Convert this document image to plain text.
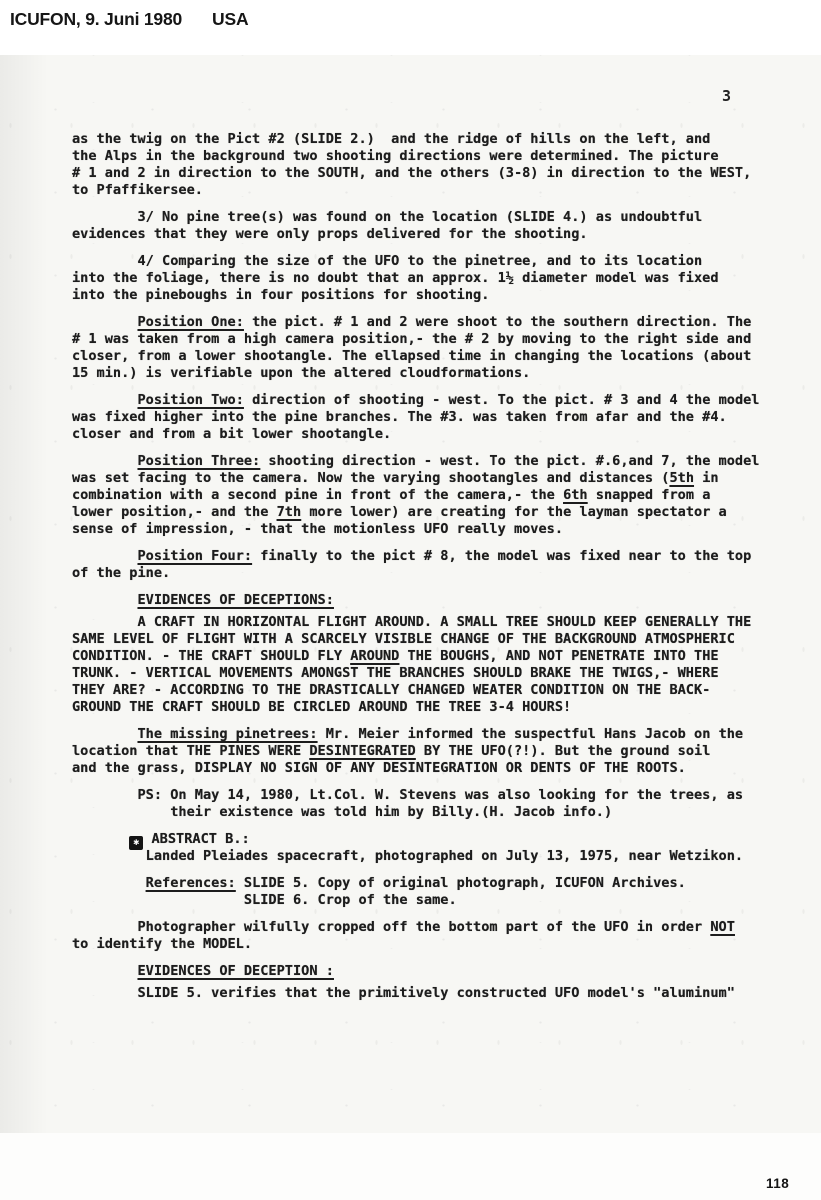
ICUFON, 9. Juni 1980 USA
3
as the twig on the Pict #2 (SLIDE 2.)  and the ridge of hills on the left, and
the Alps in the background two shooting directions were determined. The picture
# 1 and 2 in direction to the SOUTH, and the others (3-8) in direction to the WEST,
to Pfaffikersee.
3/ No pine tree(s) was found on the location (SLIDE 4.) as undoubtful
evidences that they were only props delivered for the shooting.
4/ Comparing the size of the UFO to the pinetree, and to its location
into the foliage, there is no doubt that an approx. 1½ diameter model was fixed
into the pineboughs in four positions for shooting.
Position One: the pict. # 1 and 2 were shoot to the southern direction. The
# 1 was taken from a high camera position,- the # 2 by moving to the right side and
closer, from a lower shootangle. The ellapsed time in changing the locations (about
15 min.) is verifiable upon the altered cloudformations.
Position Two: direction of shooting - west. To the pict. # 3 and 4 the model
was fixed higher into the pine branches. The #3. was taken from afar and the #4.
closer and from a bit lower shootangle.
Position Three: shooting direction - west. To the pict. #.6,and 7, the model
was set facing to the camera. Now the varying shootangles and distances (5th in
combination with a second pine in front of the camera,- the 6th snapped from a
lower position,- and the 7th more lower) are creating for the layman spectator a
sense of impression, - that the motionless UFO really moves.
Position Four: finally to the pict # 8, the model was fixed near to the top
of the pine.
EVIDENCES OF DECEPTIONS:
A CRAFT IN HORIZONTAL FLIGHT AROUND. A SMALL TREE SHOULD KEEP GENERALLY THE
SAME LEVEL OF FLIGHT WITH A SCARCELY VISIBLE CHANGE OF THE BACKGROUND ATMOSPHERIC
CONDITION. - THE CRAFT SHOULD FLY AROUND THE BOUGHS, AND NOT PENETRATE INTO THE
TRUNK. - VERTICAL MOVEMENTS AMONGST THE BRANCHES SHOULD BRAKE THE TWIGS,- WHERE
THEY ARE? - ACCORDING TO THE DRASTICALLY CHANGED WEATER CONDITION ON THE BACK-
GROUND THE CRAFT SHOULD BE CIRCLED AROUND THE TREE 3-4 HOURS!
The missing pinetrees: Mr. Meier informed the suspectful Hans Jacob on the
location that THE PINES WERE DESINTEGRATED BY THE UFO(?!). But the ground soil
and the grass, DISPLAY NO SIGN OF ANY DESINTEGRATION OR DENTS OF THE ROOTS.
PS: On May 14, 1980, Lt.Col. W. Stevens was also looking for the trees, as
their existence was told him by Billy.(H. Jacob info.)
✱ ABSTRACT B.:
Landed Pleiades spacecraft, photographed on July 13, 1975, near Wetzikon.
References: SLIDE 5. Copy of original photograph, ICUFON Archives.
SLIDE 6. Crop of the same.
Photographer wilfully cropped off the bottom part of the UFO in order NOT
to identify the MODEL.
EVIDENCES OF DECEPTION :
SLIDE 5. verifies that the primitively constructed UFO model's "aluminum"
118
